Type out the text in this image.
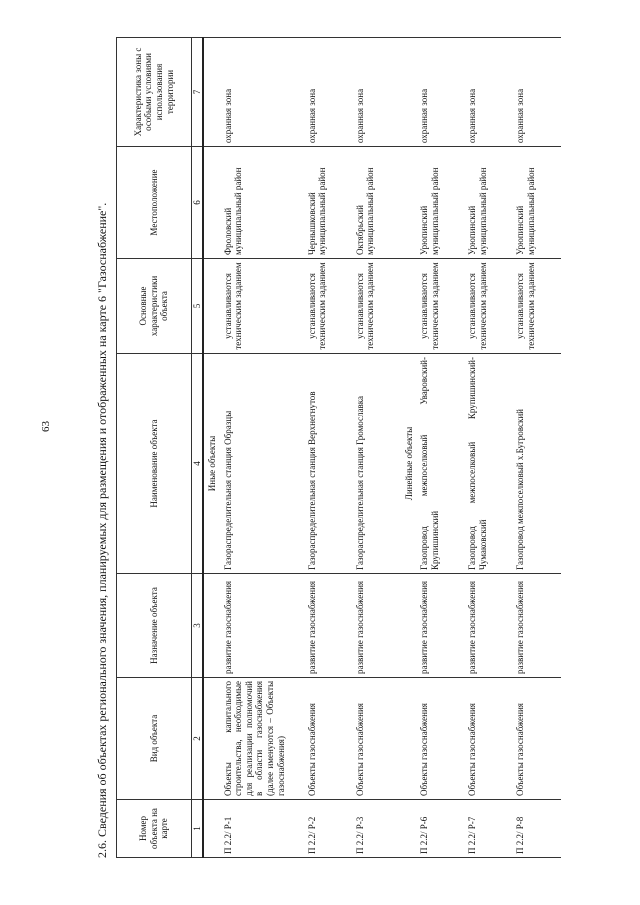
63	2.6. Сведения об объектах регионального значения, планируемых для размещения и отображенных на карте 6 "Газоснабжение".	Номер объекта на карте	Вид объекта	Назначение объекта	Наименование объекта	Основные характеристики объекта	Местоположение	Характеристика зоны с особыми условиями использования территории
1	2	3	4	5	6	7
			Иные объекты			
П 2.2/ Р-1	Объекты капитального строительства, необходимые для реализации полномочий в области газоснабжения (далее именуются – Объекты газоснабжения)	развитие газоснабжения	Газораспределительная станция Образцы	устанавливаются техническим заданием	Фроловский муниципальный район	охранная зона
П 2.2/ Р-2	Объекты газоснабжения	развитие газоснабжения	Газораспределительная станция Верхнегнутов	устанавливаются техническим заданием	Чернышковский муниципальный район	охранная зона
П 2.2/ Р-3	Объекты газоснабжения	развитие газоснабжения	Газораспределительная станция Громославка	устанавливаются техническим заданием	Октябрьский муниципальный район	охранная зона
			Линейные объекты			
П 2.2/ Р-6	Объекты газоснабжения	развитие газоснабжения	Газопровод межпоселковый Уваровский-Крупишинский	устанавливаются техническим заданием	Урюпинский муниципальный район	охранная зона
П 2.2/ Р-7	Объекты газоснабжения	развитие газоснабжения	Газопровод межпоселковый Крупишинский-Чумаковский	устанавливаются техническим заданием	Урюпинский муниципальный район	охранная зона
П 2.2/ Р-8	Объекты газоснабжения	развитие газоснабжения	Газопровод межпоселковый х.Бугровский	устанавливаются техническим заданием	Урюпинский муниципальный район	охранная зона
